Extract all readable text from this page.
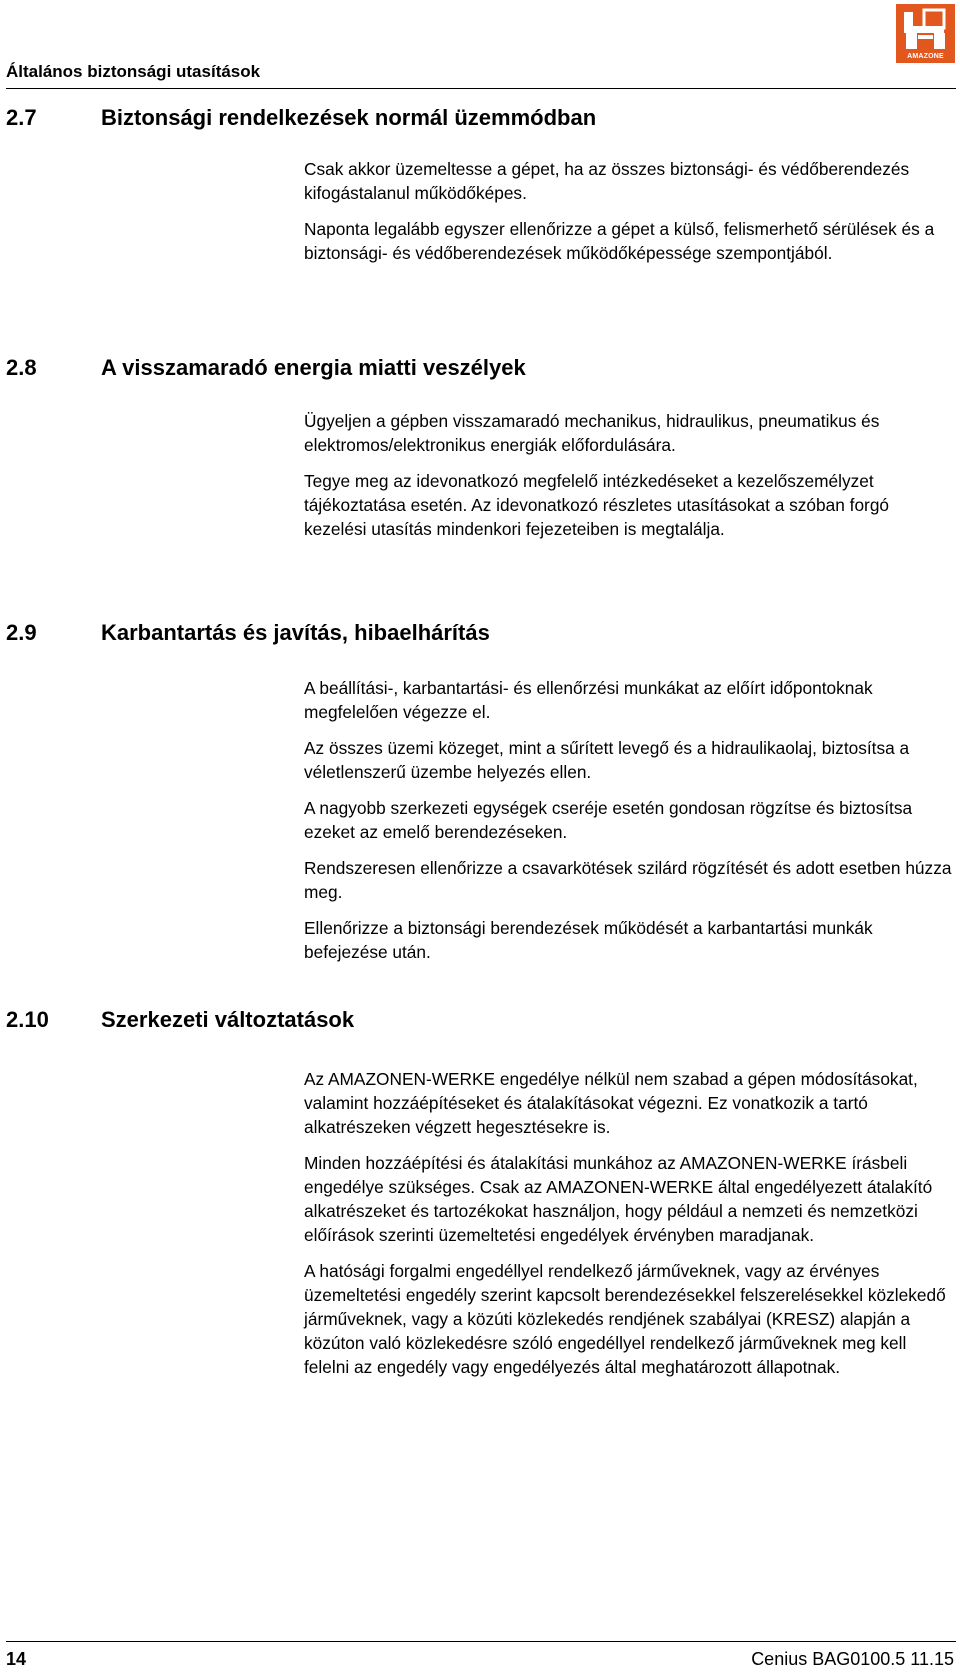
Általános biztonsági utasítások
AMAZONE
2.7	Biztonsági rendelkezések normál üzemmódban

Csak akkor üzemeltesse a gépet, ha az összes biztonsági- és védőberendezés kifogástalanul működőképes.

Naponta legalább egyszer ellenőrizze a gépet a külső, felismerhető sérülések és a biztonsági- és védőberendezések működőképessége szempontjából.

2.8	A visszamaradó energia miatti veszélyek

Ügyeljen a gépben visszamaradó mechanikus, hidraulikus, pneumatikus és elektromos/elektronikus energiák előfordulására.

Tegye meg az idevonatkozó megfelelő intézkedéseket a kezelőszemélyzet tájékoztatása esetén. Az idevonatkozó részletes utasításokat a szóban forgó kezelési utasítás mindenkori fejezeteiben is megtalálja.

2.9	Karbantartás és javítás, hibaelhárítás

A beállítási-, karbantartási- és ellenőrzési munkákat az előírt időpontoknak megfelelően végezze el.

Az összes üzemi közeget, mint a sűrített levegő és a hidraulikaolaj, biztosítsa a véletlenszerű üzembe helyezés ellen.

A nagyobb szerkezeti egységek cseréje esetén gondosan rögzítse és biztosítsa ezeket az emelő berendezéseken.

Rendszeresen ellenőrizze a csavarkötések szilárd rögzítését és adott esetben húzza meg.

Ellenőrizze a biztonsági berendezések működését a karbantartási munkák befejezése után.

2.10 Szerkezeti változtatások

Az AMAZONEN-WERKE engedélye nélkül nem szabad a gépen módosításokat, valamint hozzáépítéseket és átalakításokat végezni. Ez vonatkozik a tartó alkatrészeken végzett hegesztésekre is.

Minden hozzáépítési és átalakítási munkához az AMAZONEN-WERKE írásbeli engedélye szükséges. Csak az AMAZONEN-WERKE által engedélyezett átalakító alkatrészeket és tartozékokat használjon, hogy például a nemzeti és nemzetközi előírások szerinti üzemeltetési engedélyek érvényben maradjanak.

A hatósági forgalmi engedéllyel rendelkező járműveknek, vagy az érvényes üzemeltetési engedély szerint kapcsolt berendezésekkel felszerelésekkel közlekedő járműveknek, vagy a közúti közlekedés rendjének szabályai (KRESZ) alapján a közúton való közlekedésre szóló engedéllyel rendelkező járműveknek meg kell felelni az engedély vagy engedélyezés által meghatározott állapotnak.

14	Cenius BAG0100.5 11.15
